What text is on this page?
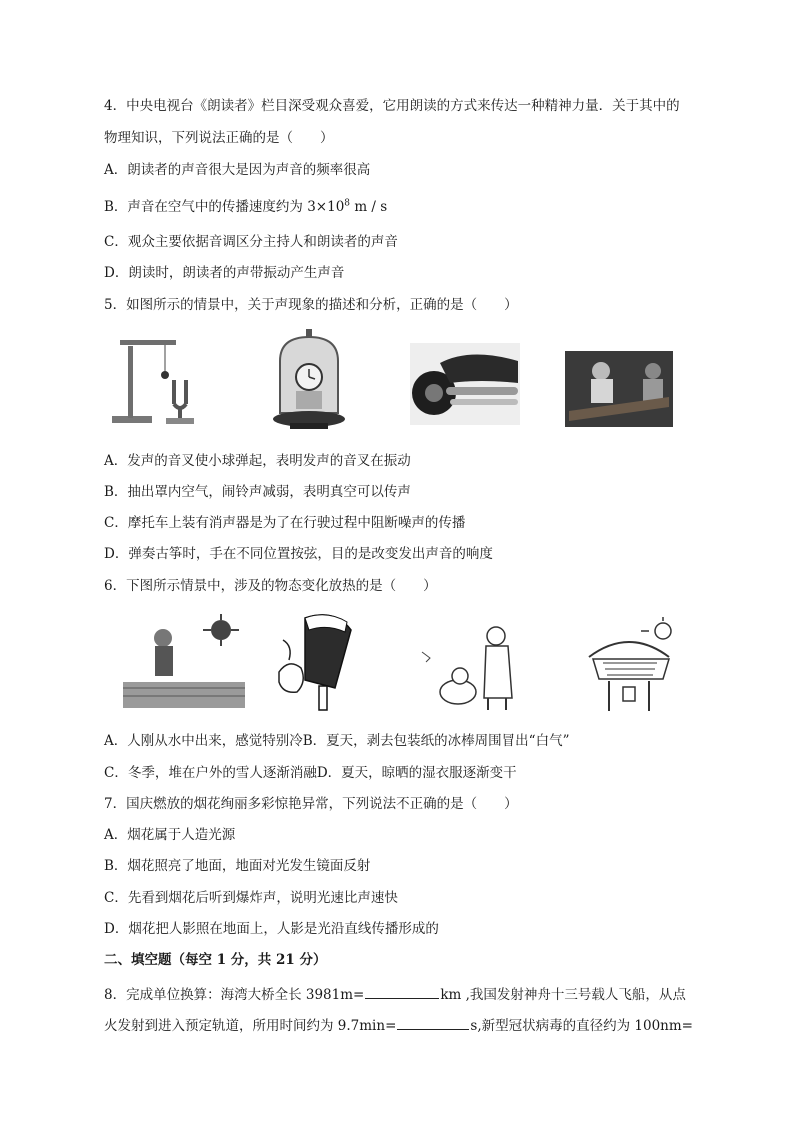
4．中央电视台《朗读者》栏目深受观众喜爱，它用朗读的方式来传达一种精神力量．关于其中的
物理知识，下列说法正确的是（　　）
A．朗读者的声音很大是因为声音的频率很高
B．声音在空气中的传播速度约为 $3\times 10^8$ m / s
C．观众主要依据音调区分主持人和朗读者的声音
D．朗读时，朗读者的声带振动产生声音
5．如图所示的情景中，关于声现象的描述和分析，正确的是（　　）
A．发声的音叉使小球弹起，表明发声的音叉在振动
B．抽出罩内空气，闹铃声减弱，表明真空可以传声
C．摩托车上装有消声器是为了在行驶过程中阻断噪声的传播
D．弹奏古筝时，手在不同位置按弦，目的是改变发出声音的响度
6．下图所示情景中，涉及的物态变化放热的是（　　）
A．人刚从水中出来，感觉特别冷B．夏天，剥去包装纸的冰棒周围冒出“白气”
C．冬季，堆在户外的雪人逐渐消融D．夏天，晾晒的湿衣服逐渐变干
7．国庆燃放的烟花绚丽多彩惊艳异常，下列说法不正确的是（　　）
A．烟花属于人造光源
B．烟花照亮了地面，地面对光发生镜面反射
C．先看到烟花后听到爆炸声，说明光速比声速快
D．烟花把人影照在地面上，人影是光沿直线传播形成的
二、填空题（每空 1 分，共 21 分）
8．完成单位换算：海湾大桥全长 3981m=	km ,我国发射神舟十三号载人飞船，从点
火发射到进入预定轨道，所用时间约为 9.7min=	s,新型冠状病毒的直径约为 100nm=
